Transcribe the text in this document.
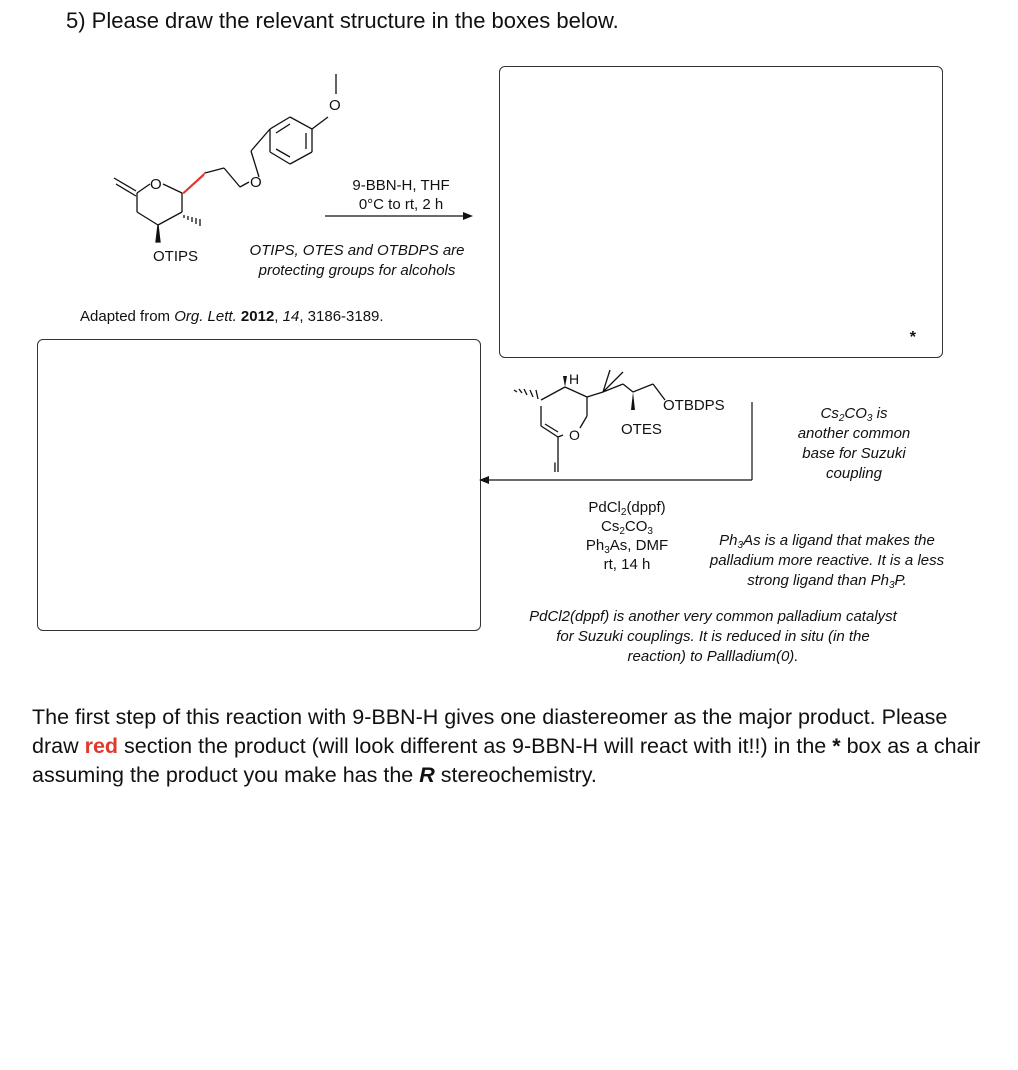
5) Please draw the relevant structure in the boxes below.
O	O
O
OTIPS
9-BBN-H, THF
0°C to rt, 2 h
OTIPS, OTES and OTBDPS are
protecting groups for alcohols
Adapted from Org. Lett. 2012, 14, 3186-3189.
*
O
H
I
OTES
OTBDPS	$Cs_2CO_3$ is
another common
base for Suzuki
coupling
PdCl$_2$(dppf)
$Cs_2CO_3$
$Ph_3As$, DMF
rt, 14 h
$Ph_3As$ is a ligand that makes the
palladium more reactive. It is a less
strong ligand than $Ph_3P$.
PdCl2(dppf) is another very common palladium catalyst
for Suzuki couplings. It is reduced in situ (in the
reaction) to Pallladium(0).
The first step of this reaction with 9-BBN-H gives one diastereomer as the major product. Please draw red section the product (will look different as 9-BBN-H will react with it!!) in the * box as a chair assuming the product you make has the R stereochemistry.
